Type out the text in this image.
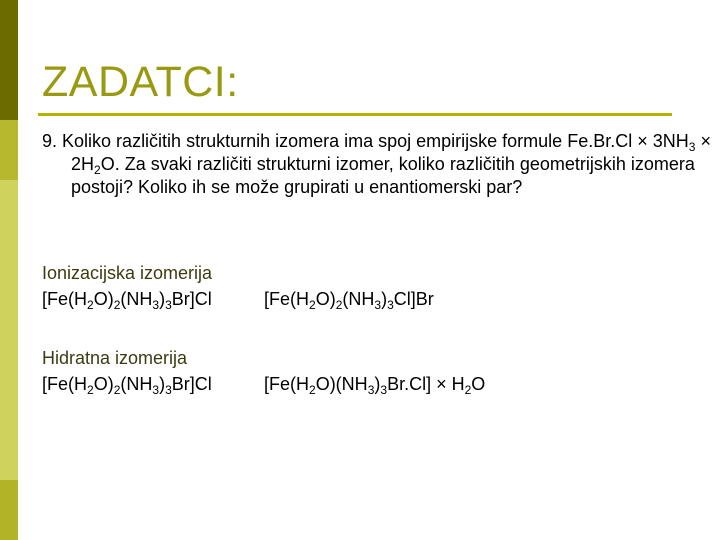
ZADATCI:
9. Koliko različitih strukturnih izomera ima spoj empirijske formule $Fe.Br.Cl \times 3NH_3 \times 2H_2O$. Za svaki različiti strukturni izomer, koliko različitih geometrijskih izomera postoji? Koliko ih se može grupirati u enantiomerski par?
Ionizacijska izomerija
$[Fe(H_2O)_2(NH_3)_3Br]Cl$	$[Fe(H_2O)_2(NH_3)_3Cl]Br$
Hidratna izomerija
$[Fe(H_2O)_2(NH_3)_3Br]Cl$	$[Fe(H_2O)(NH_3)_3Br.Cl] \times H_2O$
